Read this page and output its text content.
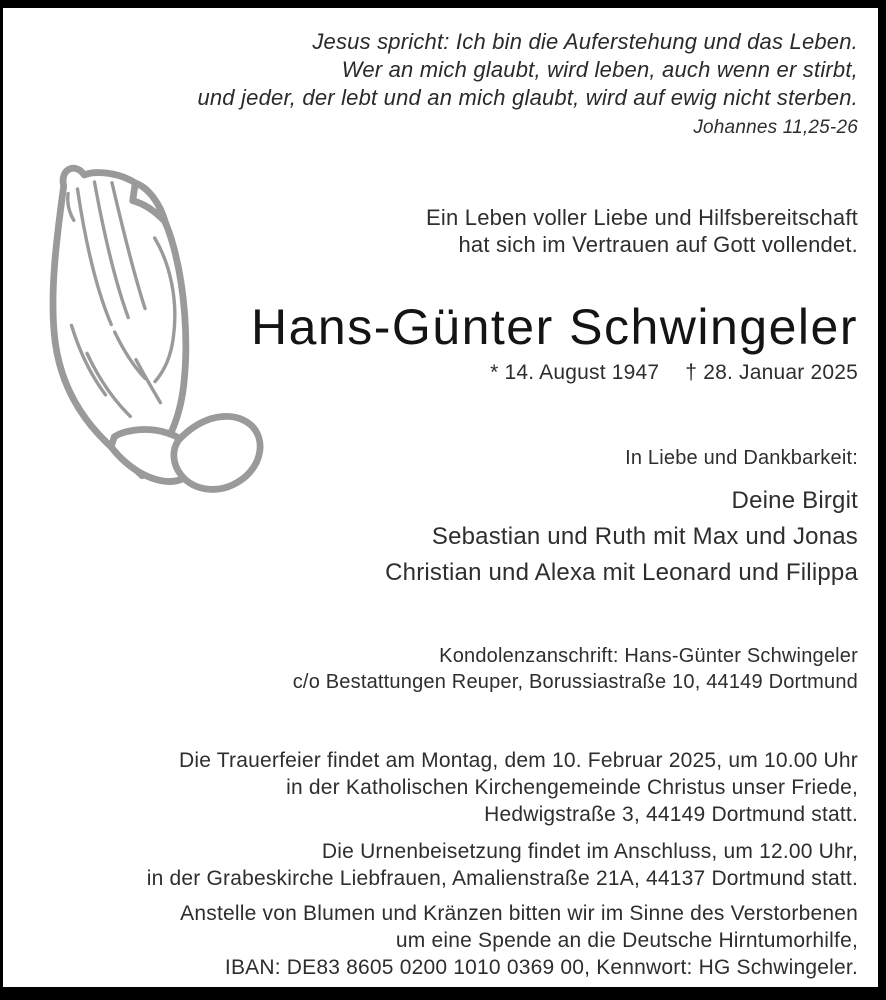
Jesus spricht: Ich bin die Auferstehung und das Leben.
Wer an mich glaubt, wird leben, auch wenn er stirbt,
und jeder, der lebt und an mich glaubt, wird auf ewig nicht sterben.
Johannes 11,25-26
Ein Leben voller Liebe und Hilfsbereitschaft
hat sich im Vertrauen auf Gott vollendet.
Hans-Günter Schwingeler
* 14. August 1947 † 28. Januar 2025
In Liebe und Dankbarkeit:
Deine Birgit
Sebastian und Ruth mit Max und Jonas
Christian und Alexa mit Leonard und Filippa
Kondolenzanschrift: Hans-Günter Schwingeler
c/o Bestattungen Reuper, Borussiastraße 10, 44149 Dortmund
Die Trauerfeier findet am Montag, dem 10. Februar 2025, um 10.00 Uhr
in der Katholischen Kirchengemeinde Christus unser Friede,
Hedwigstraße 3, 44149 Dortmund statt.
Die Urnenbeisetzung findet im Anschluss, um 12.00 Uhr,
in der Grabeskirche Liebfrauen, Amalienstraße 21A, 44137 Dortmund statt.
Anstelle von Blumen und Kränzen bitten wir im Sinne des Verstorbenen
um eine Spende an die Deutsche Hirntumorhilfe,
IBAN: DE83 8605 0200 1010 0369 00, Kennwort: HG Schwingeler.
